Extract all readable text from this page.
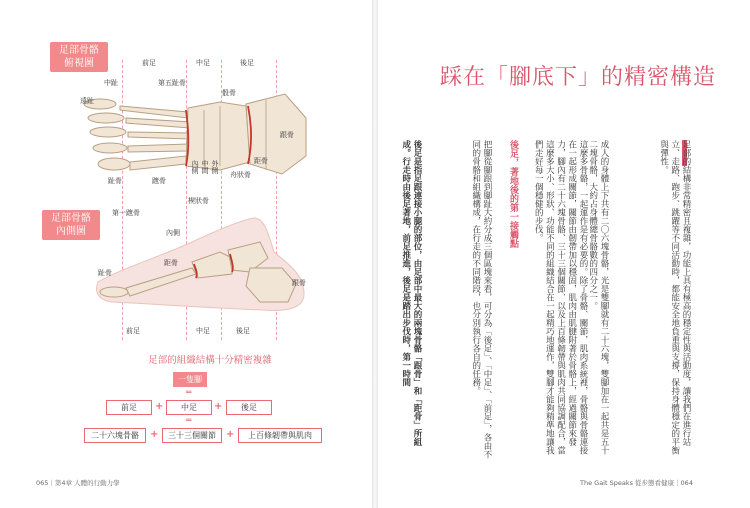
足部骨骼
俯視圖
足部骨骼
內側圖
前足	中足	後足
中趾
遠趾
第五趾骨
骰骨
跟骨
距骨
舟狀骨
內側 中間 外側
趾骨	蹠骨
楔狀骨
第一蹠骨
內側
趾骨
距骨
跟骨
前足	中足	後足
足部的組織結構十分精密複雜
一隻腳
═
前足	+	中足	+	後足
═
二十六塊骨骼	+	三十三個關節	+	上百條韌帶與肌肉
065｜第4章 人體的行動力學
踩在「腳底下」的精密構造
足部的結構非常精密且複雜，功能上具有極高的穩定性與活動度，讓我們在進行站立、走路、跑步、跳躍等不同活動時，都能安全地負重與支撐，保持身體穩定的平衡與彈性。
成人的身體上下共有二〇六塊骨骼，光是雙腳就有二十六塊，雙腳加在一起共是五十二塊骨骼，大約占身體總骨骼數的四分之一。
這麼多骨骼，一起運作是有必要的。除了骨骼、關節，肌肉系統裡，骨骼與骨骼連接在一起形成關節，關節由韌帶加以穩固，肌肉由肌腱附著於骨骼上，經過關節來發力，腳內有二十六塊骨骼、三十三個關節、以及上百條韌帶與肌肉共同協調配合，當這麼多大小、形狀、功能不同的組織結合在一起精巧地運作，雙腳才能夠精準地讓我們走好每一個穩健的步伐。
把腳從腳跟到腳趾大約分成三個區塊來看，可分為「後足」、「中足」、「前足」，各由不同的骨骼和組織構成，在行走的不同階段，也分別執行各自的任務。	後足，著地後的第一接觸點
後足是指足跟連接小腿的部位，由足部中最大的兩塊骨骼「跟骨」和「距骨」所組成。行走時由後足著地，前足推進，後足是踏出步伐時，第一時間
The Gait Speaks 從步態看健康｜064
